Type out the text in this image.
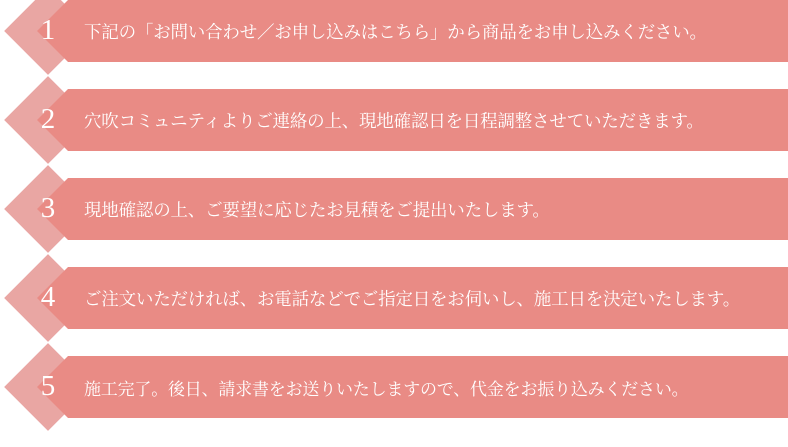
1	下記の「お問い合わせ／お申し込みはこちら」から商品をお申し込みください。
2	穴吹コミュニティよりご連絡の上、現地確認日を日程調整させていただきます。
3	現地確認の上、ご要望に応じたお見積をご提出いたします。
4	ご注文いただければ、お電話などでご指定日をお伺いし、施工日を決定いたします。
5	施工完了。後日、請求書をお送りいたしますので、代金をお振り込みください。
